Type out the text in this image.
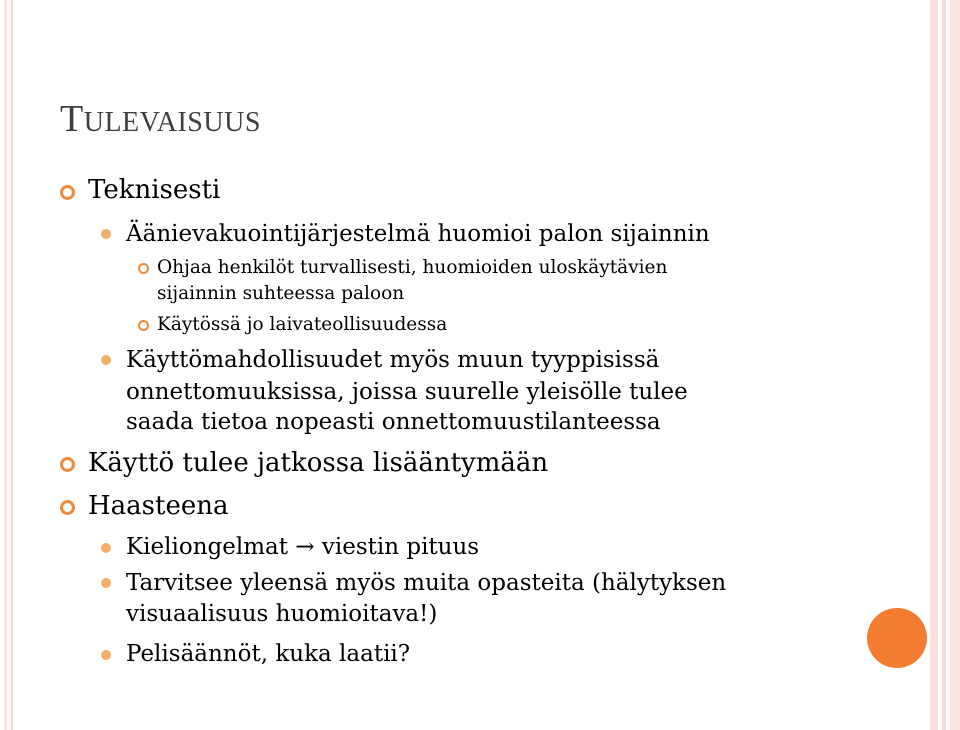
TULEVAISUUS
Teknisesti
Äänievakuointijärjestelmä huomioi palon sijainnin
Ohjaa henkilöt turvallisesti, huomioiden uloskäytävien
sijainnin suhteessa paloon
Käytössä jo laivateollisuudessa
Käyttömahdollisuudet myös muun tyyppisissä
onnettomuuksissa, joissa suurelle yleisölle tulee
saada tietoa nopeasti onnettomuustilanteessa
Käyttö tulee jatkossa lisääntymään
Haasteena
Kieliongelmat → viestin pituus
Tarvitsee yleensä myös muita opasteita (hälytyksen
visuaalisuus huomioitava!)
Pelisäännöt, kuka laatii?
